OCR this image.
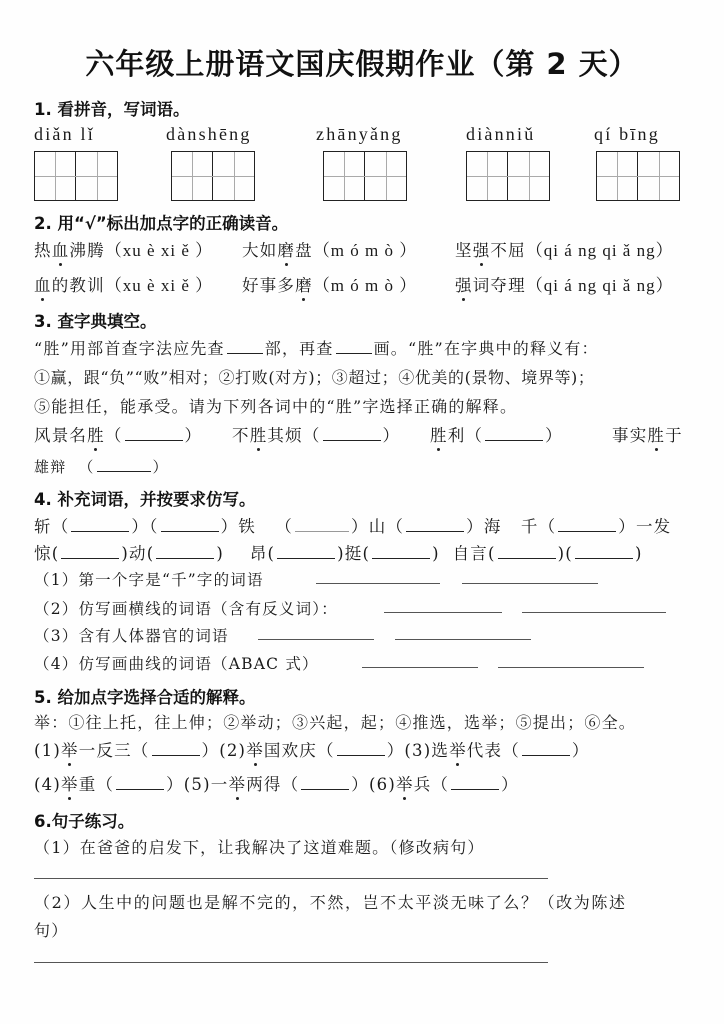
六年级上册语文国庆假期作业（第 2 天）
1. 看拼音，写词语。
diǎn lǐ	dànshēng	zhānyǎng	diànniǔ	qí bīng
2. 用“√”标出加点字的正确读音。
热血沸腾（xu è xi ě ） 大如磨盘（m ó m ò ） 坚强不屈（qi á ng qi ǎ ng）
血的教训（xu è xi ě ） 好事多磨（m ó m ò ） 强词夺理（qi á ng qi ǎ ng）
3. 查字典填空。
“胜”用部首查字法应先查	部，再查	画。“胜”在字典中的释义有：
①赢，跟“负”“败”相对；②打败(对方)；③超过；④优美的(景物、境界等)；
⑤能担任，能承受。请为下列各词中的“胜”字选择正确的解释。
风景名胜（	） 不胜其烦（	） 胜利（	）	事实胜于
雄辩 （	）
4. 补充词语，并按要求仿写。
斩（	）（	）铁   （	）山（	）海 千（	）一发
惊(	)动(	)    昂(	)挺(	)  自言(	)(	)
（1）第一个字是“千”字的词语
（2）仿写画横线的词语（含有反义词）：
（3）含有人体器官的词语
（4）仿写画曲线的词语（ABAC 式）
5. 给加点字选择合适的解释。
举：①往上托，往上伸；②举动；③兴起，起；④推选，选举；⑤提出；⑥全。
(1)举一反三（	）(2)举国欢庆（	）(3)选举代表（	）
(4)举重（	）(5)一举两得（	）(6)举兵（	）
6.句子练习。
（1）在爸爸的启发下，让我解决了这道难题。（修改病句）
（2）人生中的问题也是解不完的，不然，岂不太平淡无味了么？（改为陈述
句）
